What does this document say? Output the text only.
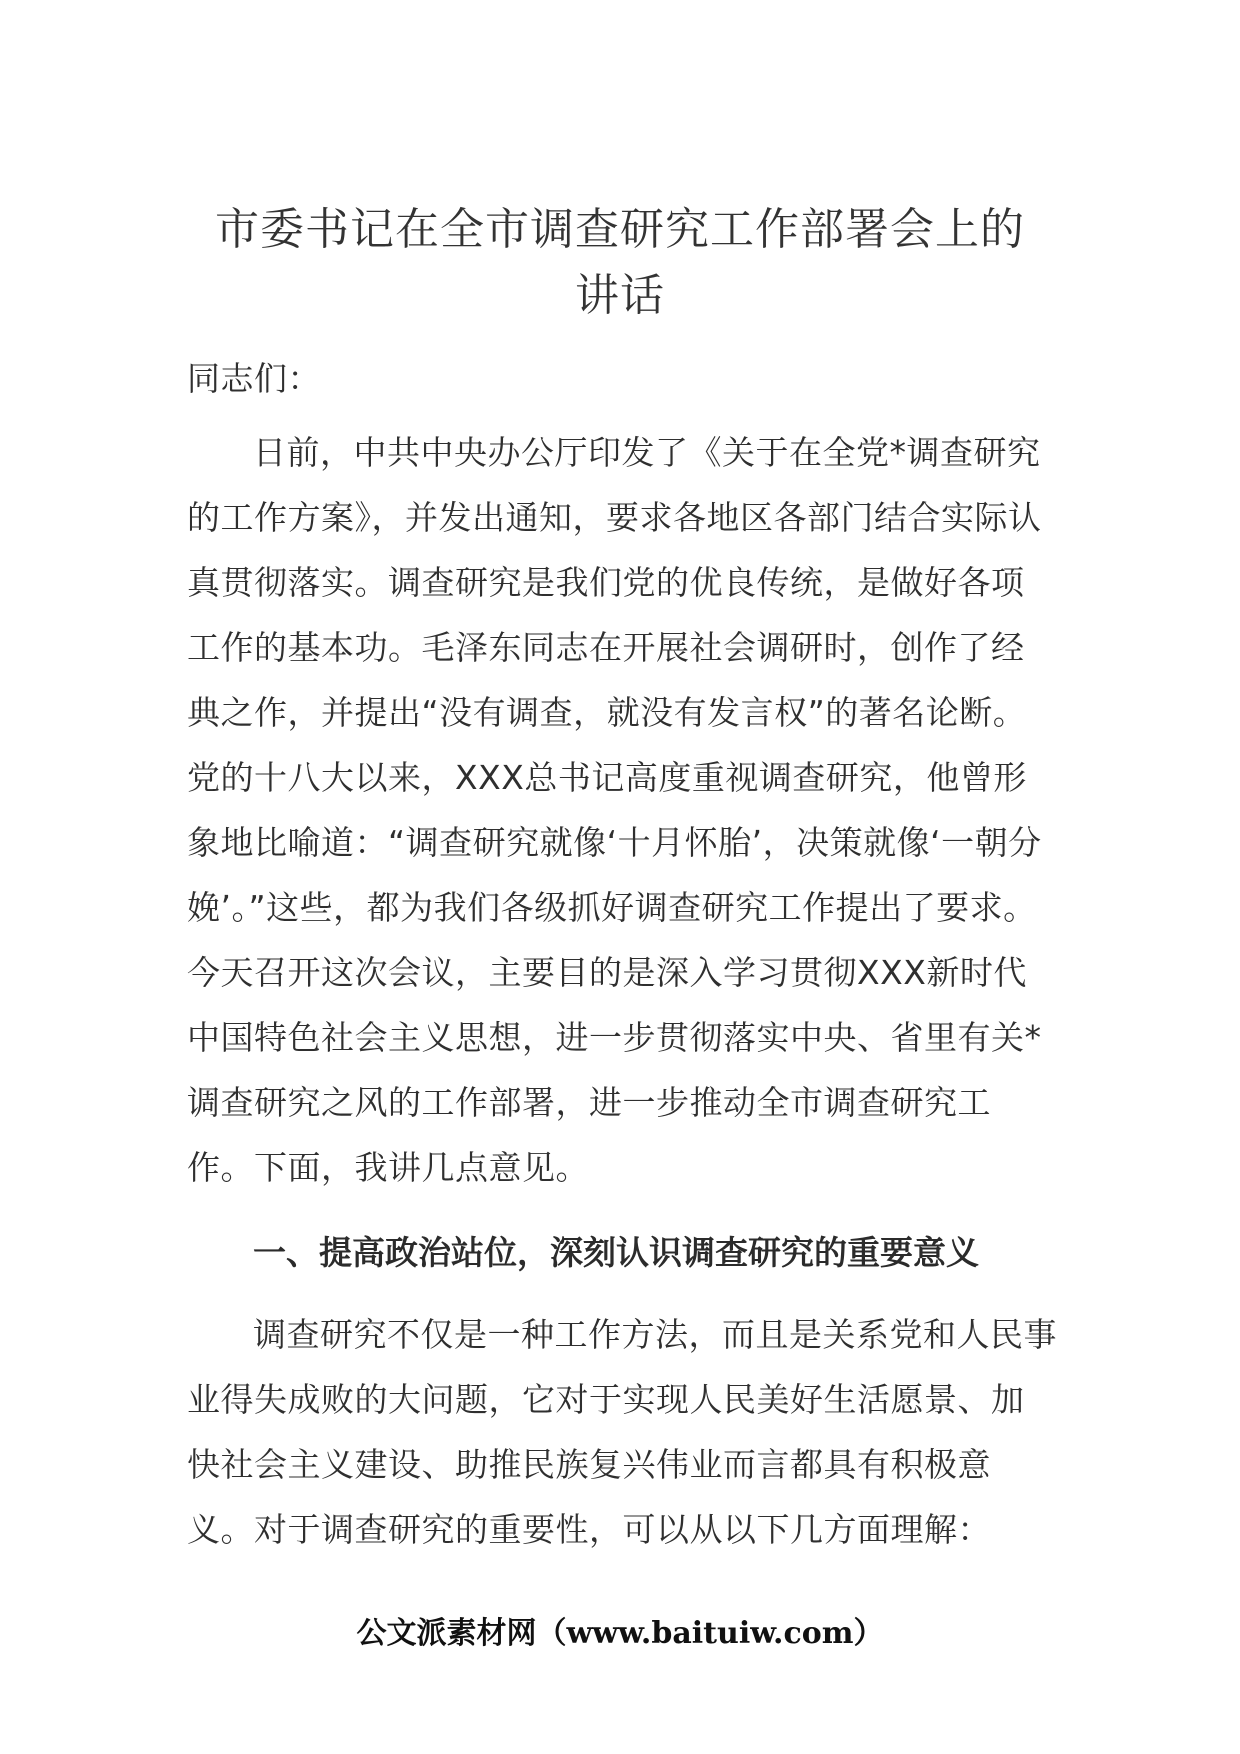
市委书记在全市调查研究工作部署会上的
讲话

同志们：

日前，中共中央办公厅印发了《关于在全党*调查研究的工作方案》，并发出通知，要求各地区各部门结合实际认真贯彻落实。调查研究是我们党的优良传统，是做好各项工作的基本功。毛泽东同志在开展社会调研时，创作了经典之作，并提出“没有调查，就没有发言权”的著名论断。党的十八大以来，XXX总书记高度重视调查研究，他曾形象地比喻道：“调查研究就像‘十月怀胎’，决策就像‘一朝分娩’。”这些，都为我们各级抓好调查研究工作提出了要求。今天召开这次会议，主要目的是深入学习贯彻XXX新时代中国特色社会主义思想，进一步贯彻落实中央、省里有关*调查研究之风的工作部署，进一步推动全市调查研究工作。下面，我讲几点意见。

一、提高政治站位，深刻认识调查研究的重要意义

调查研究不仅是一种工作方法，而且是关系党和人民事业得失成败的大问题，它对于实现人民美好生活愿景、加快社会主义建设、助推民族复兴伟业而言都具有积极意义。对于调查研究的重要性，可以从以下几方面理解：

公文派素材网（www.baituiw.com）
